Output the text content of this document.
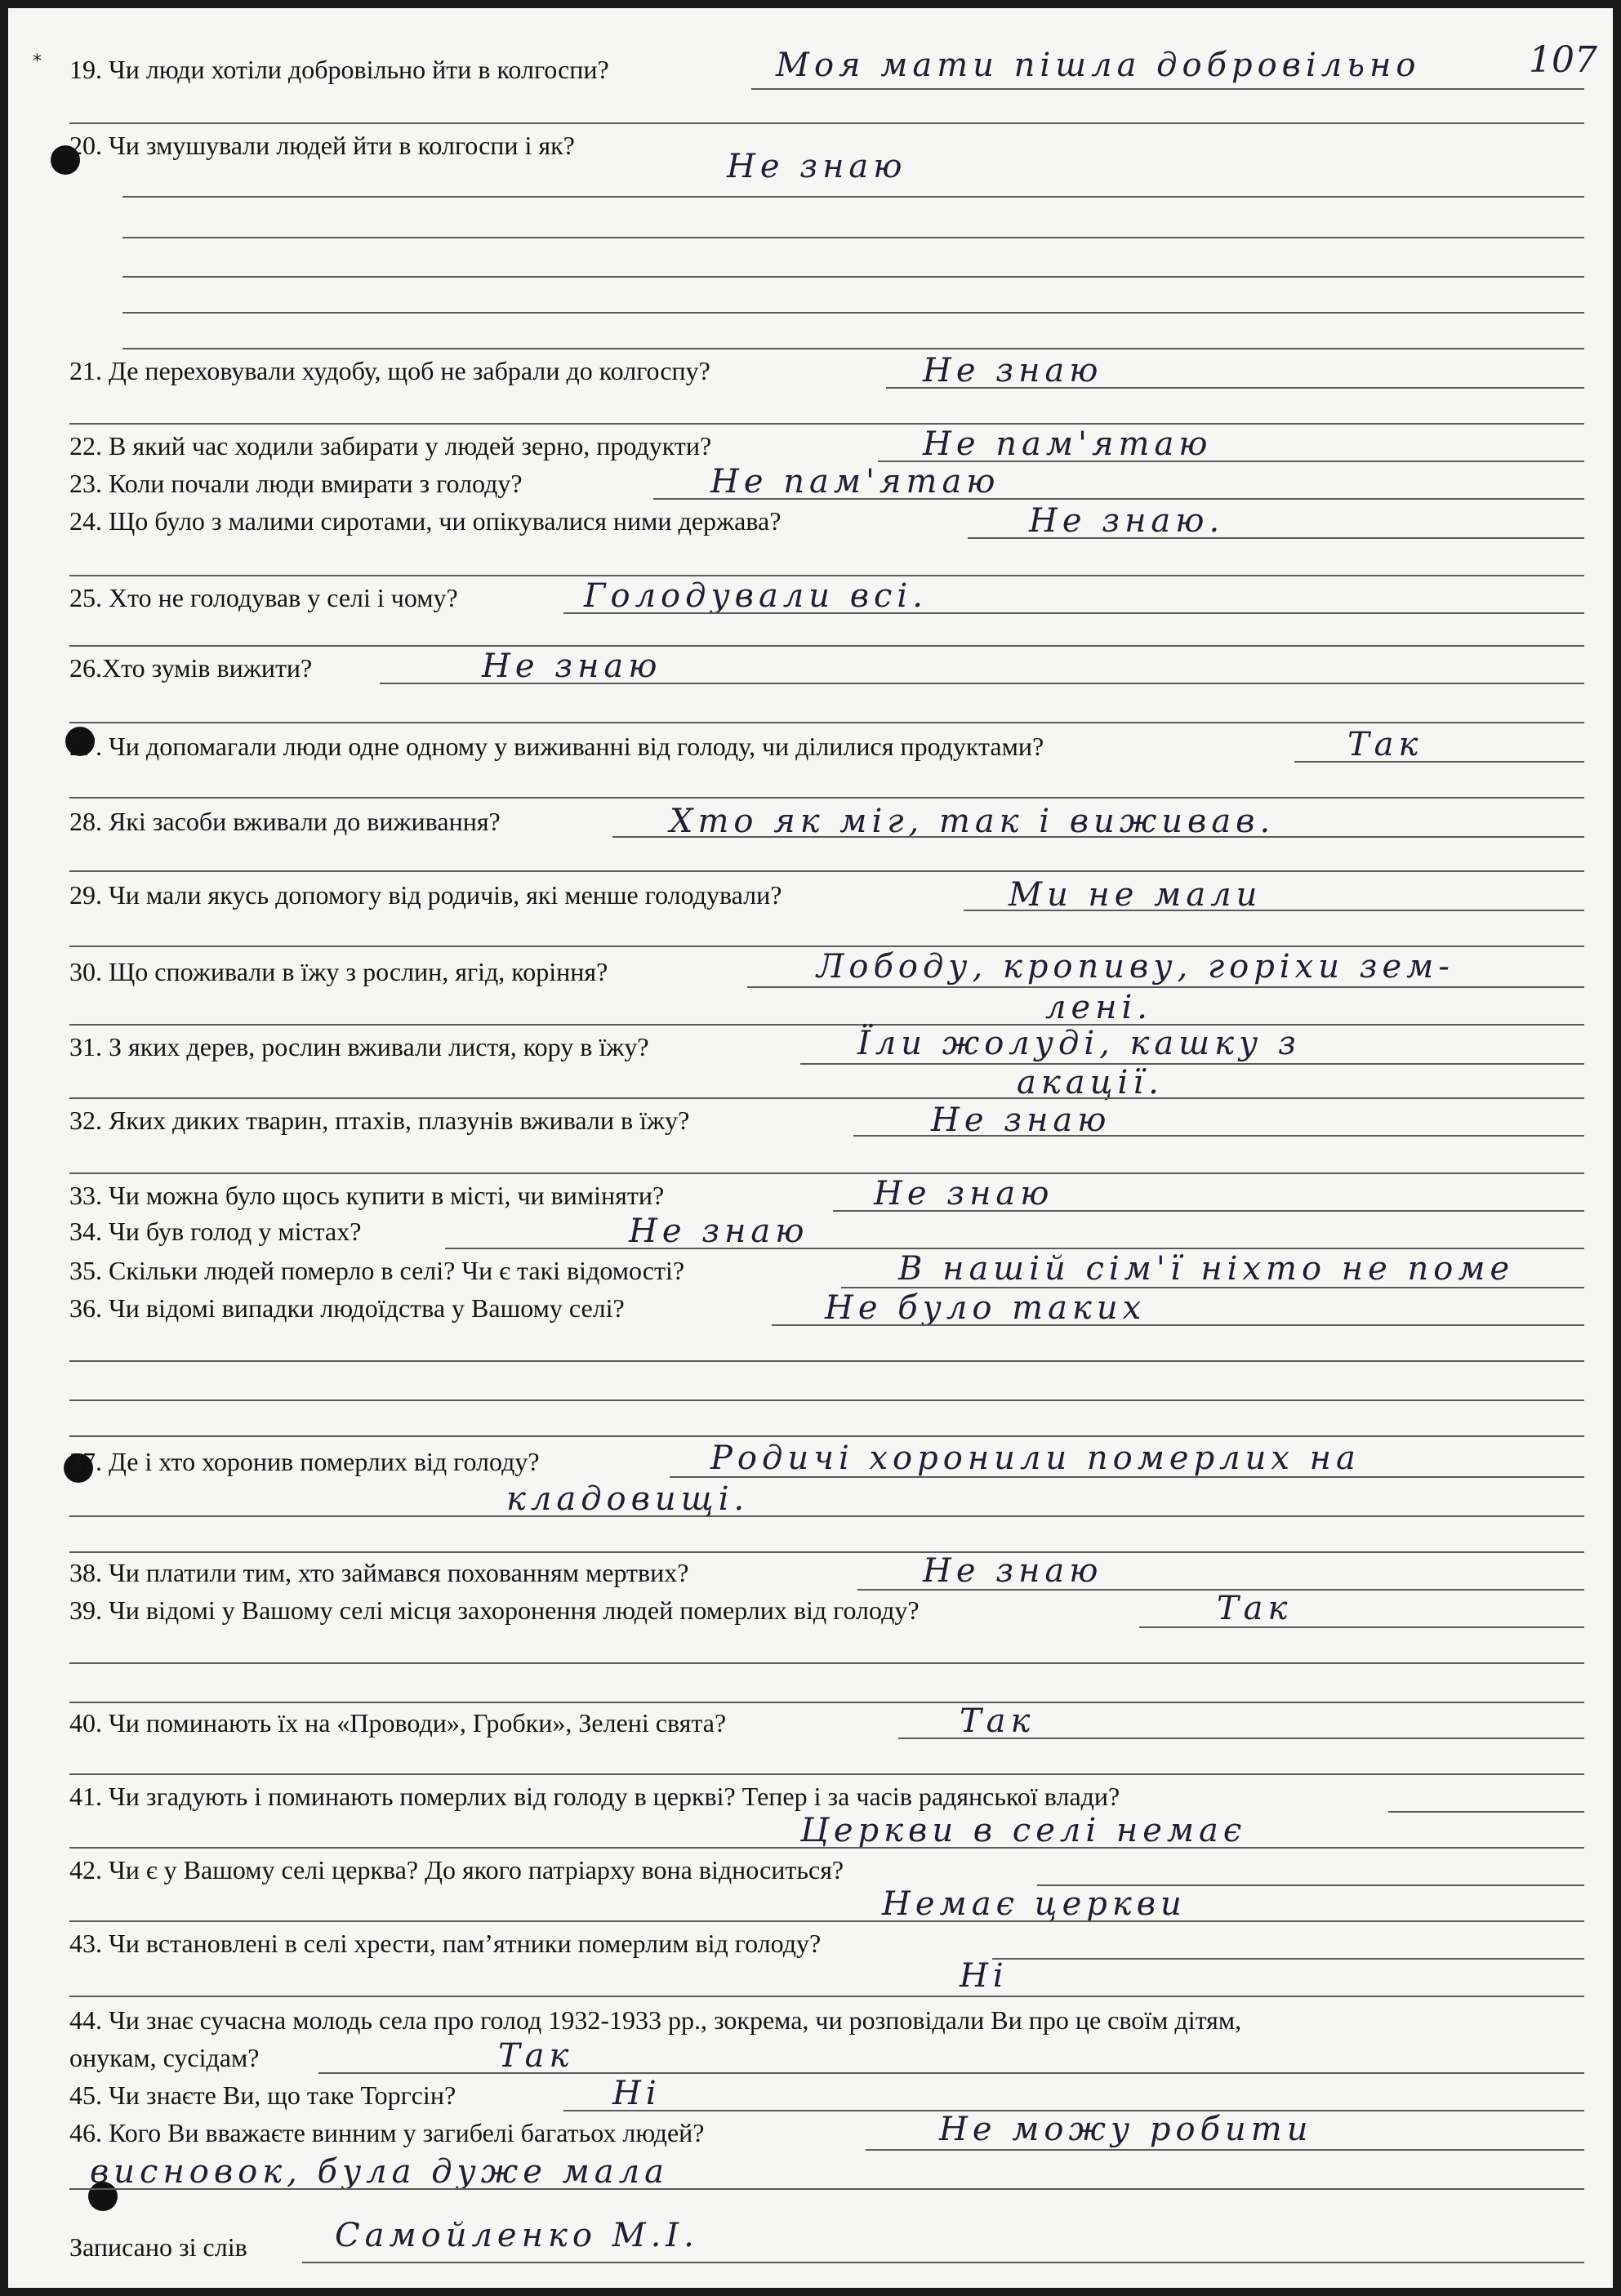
⁎	107
19. Чи люди хотіли добровільно йти в колгоспи?	Моя мати пішла добровільно
20. Чи змушували людей йти в колгоспи і як?
Не знаю
21. Де переховували худобу, щоб не забрали до колгоспу?	Не знаю
22. В який час ходили забирати у людей зерно, продукти?	Не пам'ятаю
23. Коли почали люди вмирати з голоду?	Не пам'ятаю
24. Що було з малими сиротами, чи опікувалися ними держава?	Не знаю.
25. Хто не голодував у селі і чому?	Голодували всі.
26.Хто зумів вижити?	Не знаю
27. Чи допомагали люди одне одному у виживанні від голоду, чи ділилися продуктами?	Так
28. Які засоби вживали до виживання?	Хто як міг, так і виживав.
29. Чи мали якусь допомогу від родичів, які менше голодували?	Ми не мали
30. Що споживали в їжу з рослин, ягід, коріння?	Лободу, кропиву, горіхи зем-
лені.
31. З яких дерев, рослин вживали листя, кору в їжу?	Їли жолуді, кашку з
акації.
32. Яких диких тварин, птахів, плазунів вживали в їжу?	Не знаю
33. Чи можна було щось купити в місті, чи виміняти?	Не знаю
34. Чи був голод у містах?	Не знаю
35. Скільки людей померло в селі? Чи є такі відомості?	В нашій сім'ї ніхто не поме
36. Чи відомі випадки людоїдства у Вашому селі?	Не було таких
37. Де і хто хоронив померлих від голоду?	Родичі хоронили померлих на
кладовищі.
38. Чи платили тим, хто займався похованням мертвих?	Не знаю
39. Чи відомі у Вашому селі місця захоронення людей померлих від голоду?	Так
40. Чи поминають їх на «Проводи», Гробки», Зелені свята?	Так
41. Чи згадують і поминають померлих від голоду в церкві? Тепер і за часів радянської влади?
Церкви в селі немає
42. Чи є у Вашому селі церква? До якого патріарху вона відноситься?
Немає церкви
43. Чи встановлені в селі хрести, пам’ятники померлим від голоду?
Ні
44. Чи знає сучасна молодь села про голод 1932-1933 рр., зокрема, чи розповідали Ви про це своїм дітям,
онукам, сусідам?	Так
45. Чи знаєте Ви, що таке Торгсін?	Ні
46. Кого Ви вважаєте винним у загибелі багатьох людей?	Не можу робити
висновок, була дуже мала
Записано зі слів	Самойленко М.І.
